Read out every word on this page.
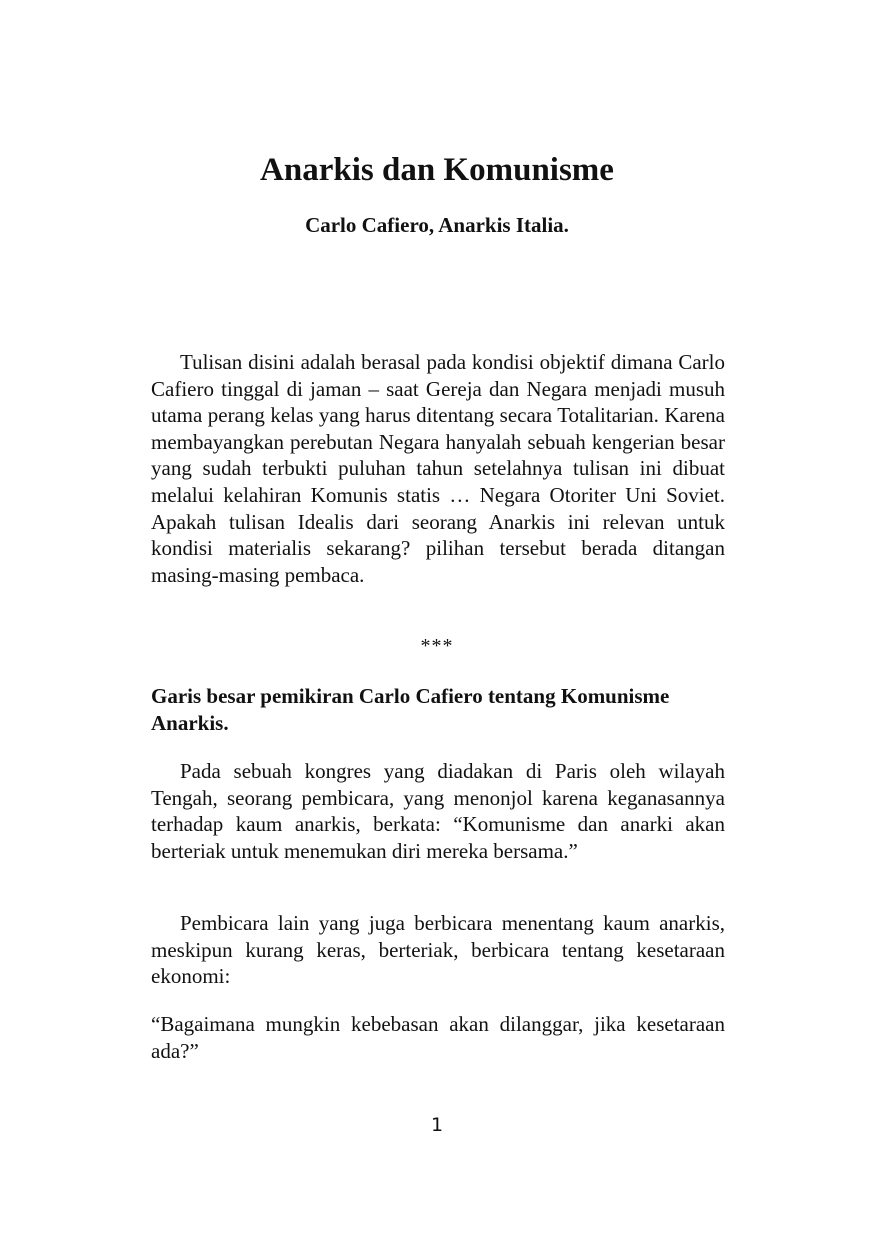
Anarkis dan Komunisme
Carlo Cafiero, Anarkis Italia.

Tulisan disini adalah berasal pada kondisi objektif dimana Carlo Cafiero tinggal di jaman – saat Gereja dan Negara menjadi musuh utama perang kelas yang harus ditentang secara Totalitarian. Karena membayangkan perebutan Negara hanyalah sebuah kengerian besar yang sudah terbukti puluhan tahun setelahnya tulisan ini dibuat melalui kelahiran Komunis statis … Negara Otoriter Uni Soviet. Apakah tulisan Idealis dari seorang Anarkis ini relevan untuk kondisi materialis sekarang? pilihan tersebut berada ditangan masing-masing pembaca.

***
Garis besar pemikiran Carlo Cafiero tentang Komunisme Anarkis.

Pada sebuah kongres yang diadakan di Paris oleh wilayah Tengah, seorang pembicara, yang menonjol karena keganasannya terhadap kaum anarkis, berkata: “Komunisme dan anarki akan berteriak untuk menemukan diri mereka bersama.”

Pembicara lain yang juga berbicara menentang kaum anarkis, meskipun kurang keras, berteriak, berbicara tentang kesetaraan ekonomi:

“Bagaimana mungkin kebebasan akan dilanggar, jika kesetaraan ada?”

1
